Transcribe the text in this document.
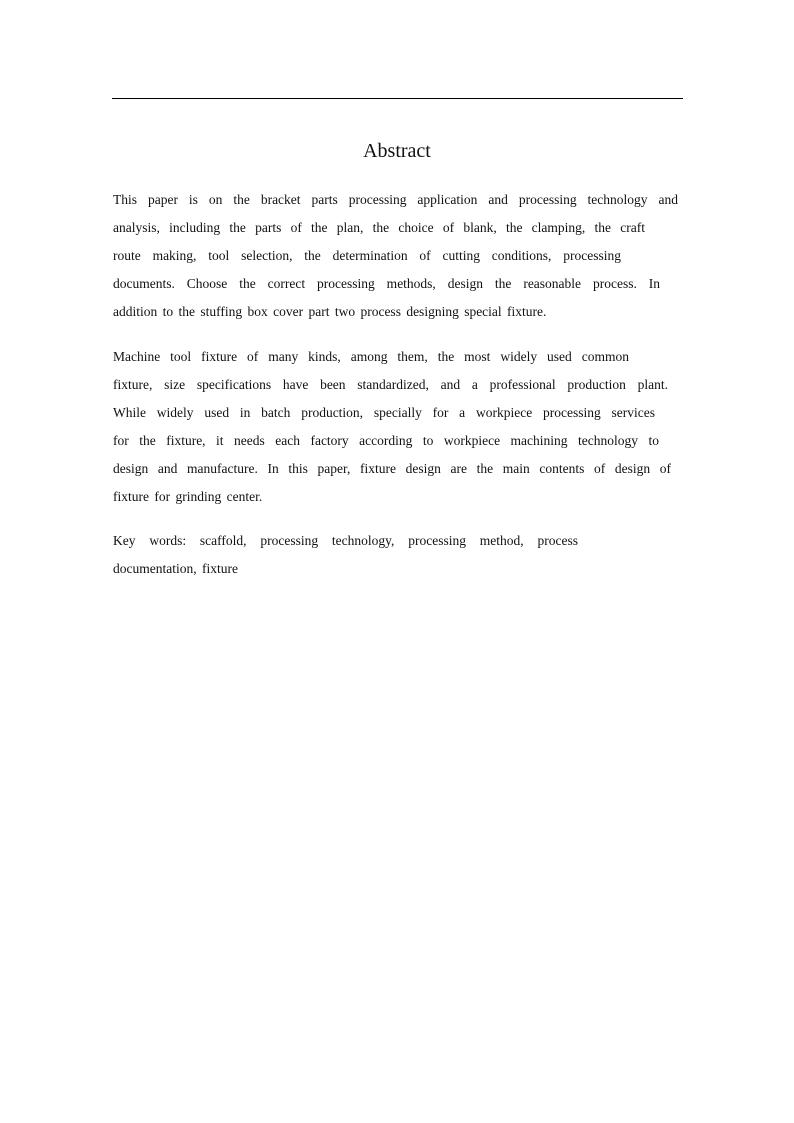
Abstract
This paper is on the bracket parts processing application and processing technology and
analysis, including the parts of the plan, the choice of blank, the clamping, the craft
route making, tool selection, the determination of cutting conditions, processing
documents. Choose the correct processing methods, design the reasonable process. In
addition to the stuffing box cover part two process designing special fixture.
Machine tool fixture of many kinds, among them, the most widely used common
fixture, size specifications have been standardized, and a professional production plant.
While widely used in batch production, specially for a workpiece processing services
for the fixture, it needs each factory according to workpiece machining technology to
design and manufacture. In this paper, fixture design are the main contents of design of
fixture for grinding center.
Key words: scaffold, processing technology, processing method, process
documentation, fixture
